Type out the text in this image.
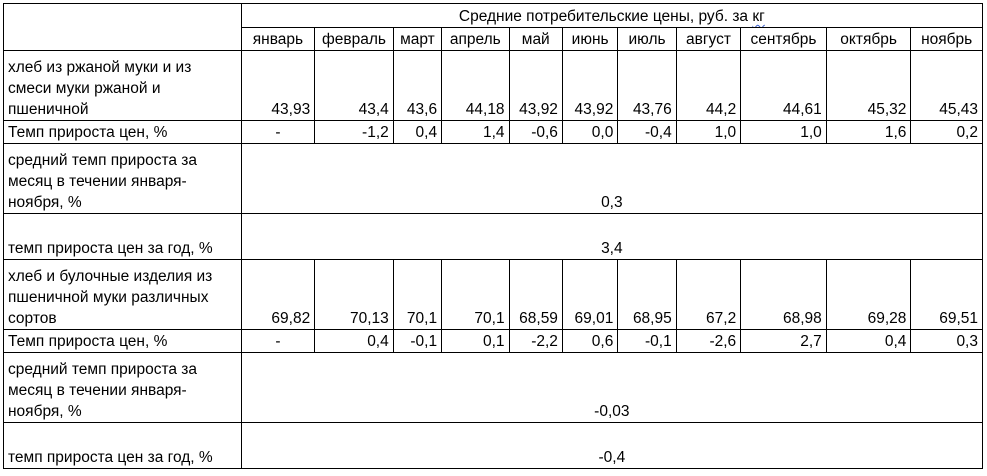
	Средние потребительские цены, руб. за кг										
	январь	февраль	март	апрель	май	июнь	июль	август	сентябрь	октябрь	ноябрь
хлеб из ржаной муки и из смеси муки ржаной и пшеничной	43,93	43,4	43,6	44,18	43,92	43,92	43,76	44,2	44,61	45,32	45,43
Темп прироста цен, %	-	-1,2	0,4	1,4	-0,6	0,0	-0,4	1,0	1,0	1,6	0,2
средний темп прироста за месяц в течении января-ноября, %	0,3										
темп прироста цен за год, %	3,4										
хлеб и булочные изделия из пшеничной муки различных сортов	69,82	70,13	70,1	70,1	68,59	69,01	68,95	67,2	68,98	69,28	69,51
Темп прироста цен, %	-	0,4	-0,1	0,1	-2,2	0,6	-0,1	-2,6	2,7	0,4	0,3
средний темп прироста за месяц в течении января-ноября, %	-0,03										
темп прироста цен за год, %	-0,4										
